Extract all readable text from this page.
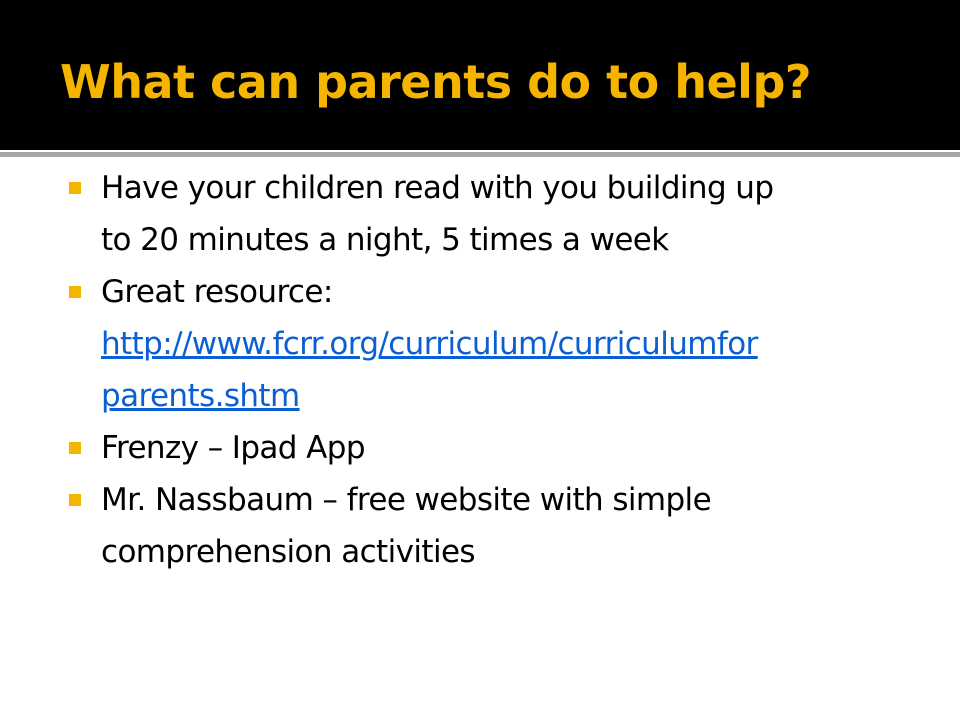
What can parents do to help?
Have your children read with you building up
to 20 minutes a night, 5 times a week
Great resource:
http://www.fcrr.org/curriculum/curriculumfor
parents.shtm
Frenzy – Ipad App
Mr. Nassbaum – free website with simple
comprehension activities
